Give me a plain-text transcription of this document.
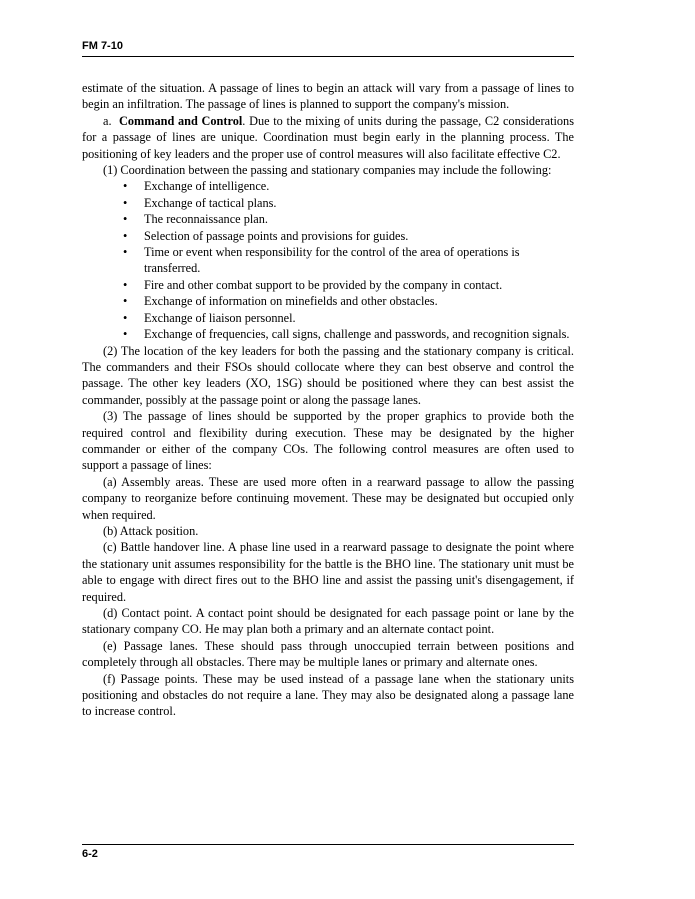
FM 7-10

estimate of the situation. A passage of lines to begin an attack will vary from a passage of lines to begin an infiltration. The passage of lines is planned to support the company's mission.

a. Command and Control. Due to the mixing of units during the passage, C2 considerations for a passage of lines are unique. Coordination must begin early in the planning process. The positioning of key leaders and the proper use of control measures will also facilitate effective C2.

(1) Coordination between the passing and stationary companies may include the following:

• Exchange of intelligence.
• Exchange of tactical plans.
• The reconnaissance plan.
• Selection of passage points and provisions for guides.
• Time or event when responsibility for the control of the area of operations is transferred.
• Fire and other combat support to be provided by the company in contact.
• Exchange of information on minefields and other obstacles.
• Exchange of liaison personnel.
• Exchange of frequencies, call signs, challenge and passwords, and recognition signals.

(2) The location of the key leaders for both the passing and the stationary company is critical. The commanders and their FSOs should collocate where they can best observe and control the passage. The other key leaders (XO, 1SG) should be positioned where they can best assist the commander, possibly at the passage point or along the passage lanes.

(3) The passage of lines should be supported by the proper graphics to provide both the required control and flexibility during execution. These may be designated by the higher commander or either of the company COs. The following control measures are often used to support a passage of lines:

(a) Assembly areas. These are used more often in a rearward passage to allow the passing company to reorganize before continuing movement. These may be designated but occupied only when required.

(b) Attack position.

(c) Battle handover line. A phase line used in a rearward passage to designate the point where the stationary unit assumes responsibility for the battle is the BHO line. The stationary unit must be able to engage with direct fires out to the BHO line and assist the passing unit's disengagement, if required.

(d) Contact point. A contact point should be designated for each passage point or lane by the stationary company CO. He may plan both a primary and an alternate contact point.

(e) Passage lanes. These should pass through unoccupied terrain between positions and completely through all obstacles. There may be multiple lanes or primary and alternate ones.

(f) Passage points. These may be used instead of a passage lane when the stationary units positioning and obstacles do not require a lane. They may also be designated along a passage lane to increase control.

6-2
